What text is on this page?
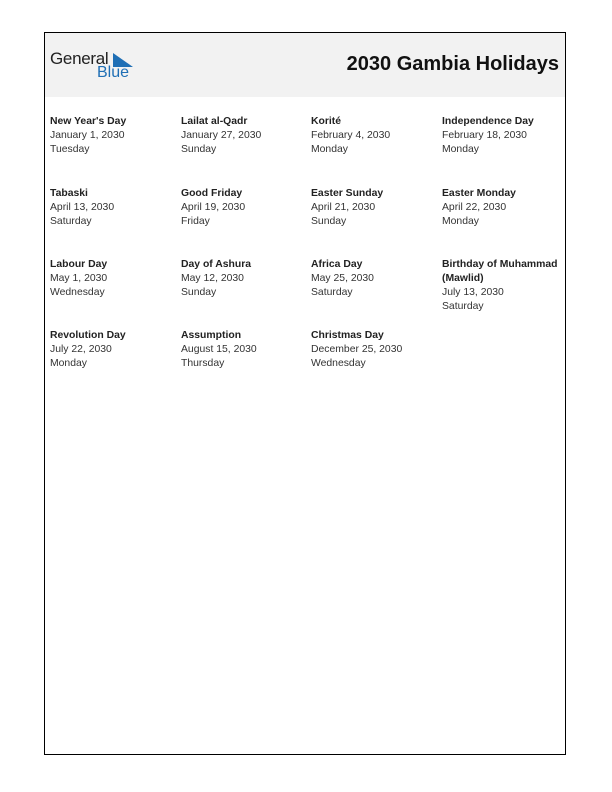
General
Blue	2030 Gambia Holidays
New Year's Day
January 1, 2030
Tuesday
Lailat al-Qadr
January 27, 2030
Sunday
Korité
February 4, 2030
Monday
Independence Day
February 18, 2030
Monday
Tabaski
April 13, 2030
Saturday
Good Friday
April 19, 2030
Friday
Easter Sunday
April 21, 2030
Sunday
Easter Monday
April 22, 2030
Monday
Labour Day
May 1, 2030
Wednesday
Day of Ashura
May 12, 2030
Sunday
Africa Day
May 25, 2030
Saturday
Birthday of Muhammad (Mawlid)
July 13, 2030
Saturday
Revolution Day
July 22, 2030
Monday
Assumption
August 15, 2030
Thursday
Christmas Day
December 25, 2030
Wednesday
